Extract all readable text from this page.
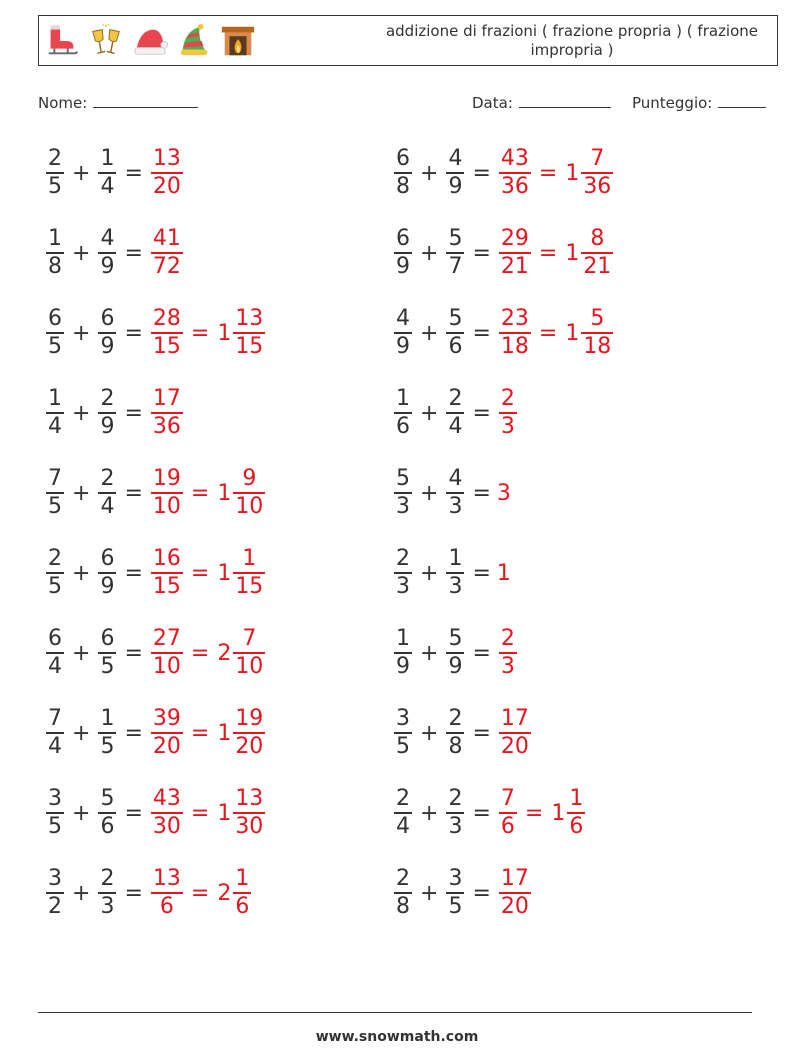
addizione di frazioni ( frazione propria ) ( frazione impropria )
Nome:	Data:	Punteggio:
$\frac{2}{5} + \frac{1}{4} = \frac{13}{20}$	$\frac{6}{8} + \frac{4}{9} = \frac{43}{36} = 1 \frac{7}{36}$
$\frac{1}{8} + \frac{4}{9} = \frac{41}{72}$	$\frac{6}{9} + \frac{5}{7} = \frac{29}{21} = 1 \frac{8}{21}$
$\frac{6}{5} + \frac{6}{9} = \frac{28}{15} = 1 \frac{13}{15}$	$\frac{4}{9} + \frac{5}{6} = \frac{23}{18} = 1 \frac{5}{18}$
$\frac{1}{4} + \frac{2}{9} = \frac{17}{36}$	$\frac{1}{6} + \frac{2}{4} = \frac{2}{3}$
$\frac{7}{5} + \frac{2}{4} = \frac{19}{10} = 1 \frac{9}{10}$	$\frac{5}{3} + \frac{4}{3} = 3$
$\frac{2}{5} + \frac{6}{9} = \frac{16}{15} = 1 \frac{1}{15}$	$\frac{2}{3} + \frac{1}{3} = 1$
$\frac{6}{4} + \frac{6}{5} = \frac{27}{10} = 2 \frac{7}{10}$	$\frac{1}{9} + \frac{5}{9} = \frac{2}{3}$
$\frac{7}{4} + \frac{1}{5} = \frac{39}{20} = 1 \frac{19}{20}$	$\frac{3}{5} + \frac{2}{8} = \frac{17}{20}$
$\frac{3}{5} + \frac{5}{6} = \frac{43}{30} = 1 \frac{13}{30}$	$\frac{2}{4} + \frac{2}{3} = \frac{7}{6} = 1 \frac{1}{6}$
$\frac{3}{2} + \frac{2}{3} = \frac{13}{6} = 2 \frac{1}{6}$	$\frac{2}{8} + \frac{3}{5} = \frac{17}{20}$
www.snowmath.com
